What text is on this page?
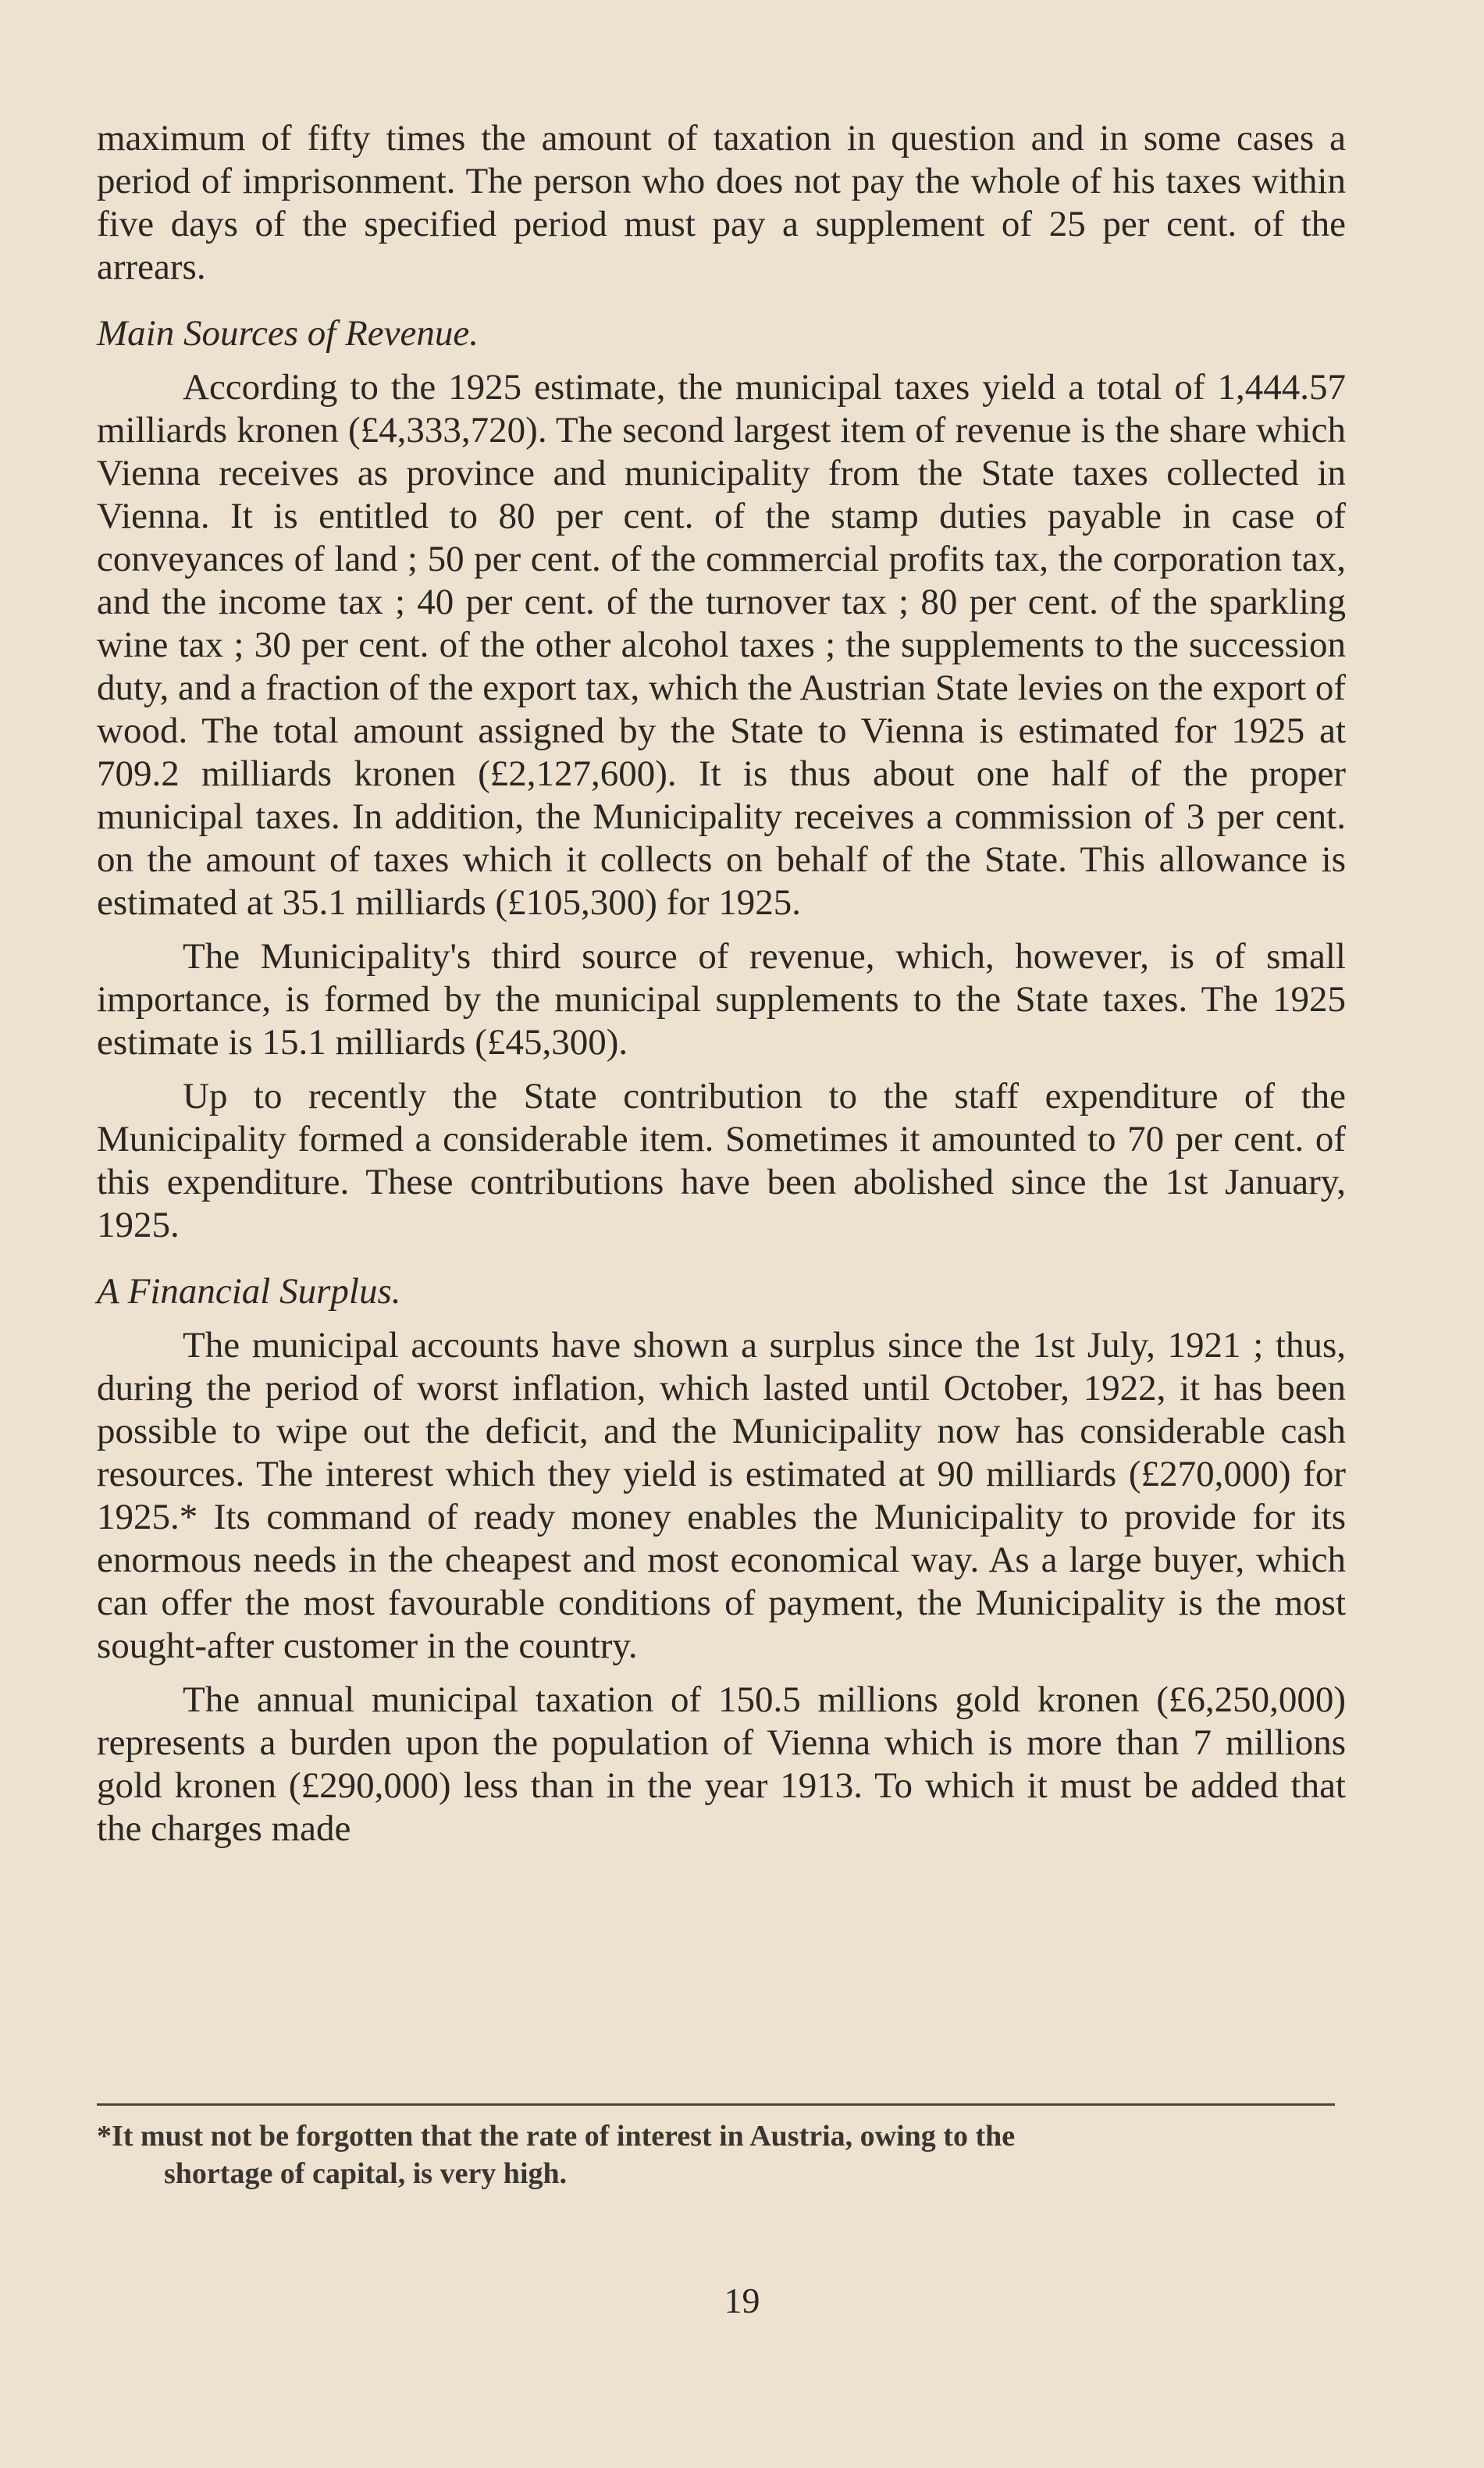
maximum of fifty times the amount of taxation in question and in some cases a period of imprisonment. The person who does not pay the whole of his taxes within five days of the specified period must pay a supplement of 25 per cent. of the arrears.

Main Sources of Revenue.

According to the 1925 estimate, the municipal taxes yield a total of 1,444.57 milliards kronen (£4,333,720). The second largest item of revenue is the share which Vienna receives as province and municipality from the State taxes collected in Vienna. It is entitled to 80 per cent. of the stamp duties payable in case of conveyances of land ; 50 per cent. of the commercial profits tax, the corporation tax, and the income tax ; 40 per cent. of the turnover tax ; 80 per cent. of the sparkling wine tax ; 30 per cent. of the other alcohol taxes ; the supplements to the succession duty, and a fraction of the export tax, which the Austrian State levies on the export of wood. The total amount assigned by the State to Vienna is estimated for 1925 at 709.2 milliards kronen (£2,127,600). It is thus about one half of the proper municipal taxes. In addition, the Municipality receives a commission of 3 per cent. on the amount of taxes which it collects on behalf of the State. This allowance is estimated at 35.1 milliards (£105,300) for 1925.

The Municipality's third source of revenue, which, however, is of small importance, is formed by the municipal supplements to the State taxes. The 1925 estimate is 15.1 milliards (£45,300).

Up to recently the State contribution to the staff expenditure of the Municipality formed a considerable item. Sometimes it amounted to 70 per cent. of this expenditure. These contributions have been abolished since the 1st January, 1925.

A Financial Surplus.

The municipal accounts have shown a surplus since the 1st July, 1921 ; thus, during the period of worst inflation, which lasted until October, 1922, it has been possible to wipe out the deficit, and the Municipality now has considerable cash resources. The interest which they yield is estimated at 90 milliards (£270,000) for 1925.* Its command of ready money enables the Municipality to provide for its enormous needs in the cheapest and most economical way. As a large buyer, which can offer the most favourable conditions of payment, the Municipality is the most sought-after customer in the country.

The annual municipal taxation of 150.5 millions gold kronen (£6,250,000) represents a burden upon the population of Vienna which is more than 7 millions gold kronen (£290,000) less than in the year 1913. To which it must be added that the charges made

*It must not be forgotten that the rate of interest in Austria, owing to the
shortage of capital, is very high.
19
